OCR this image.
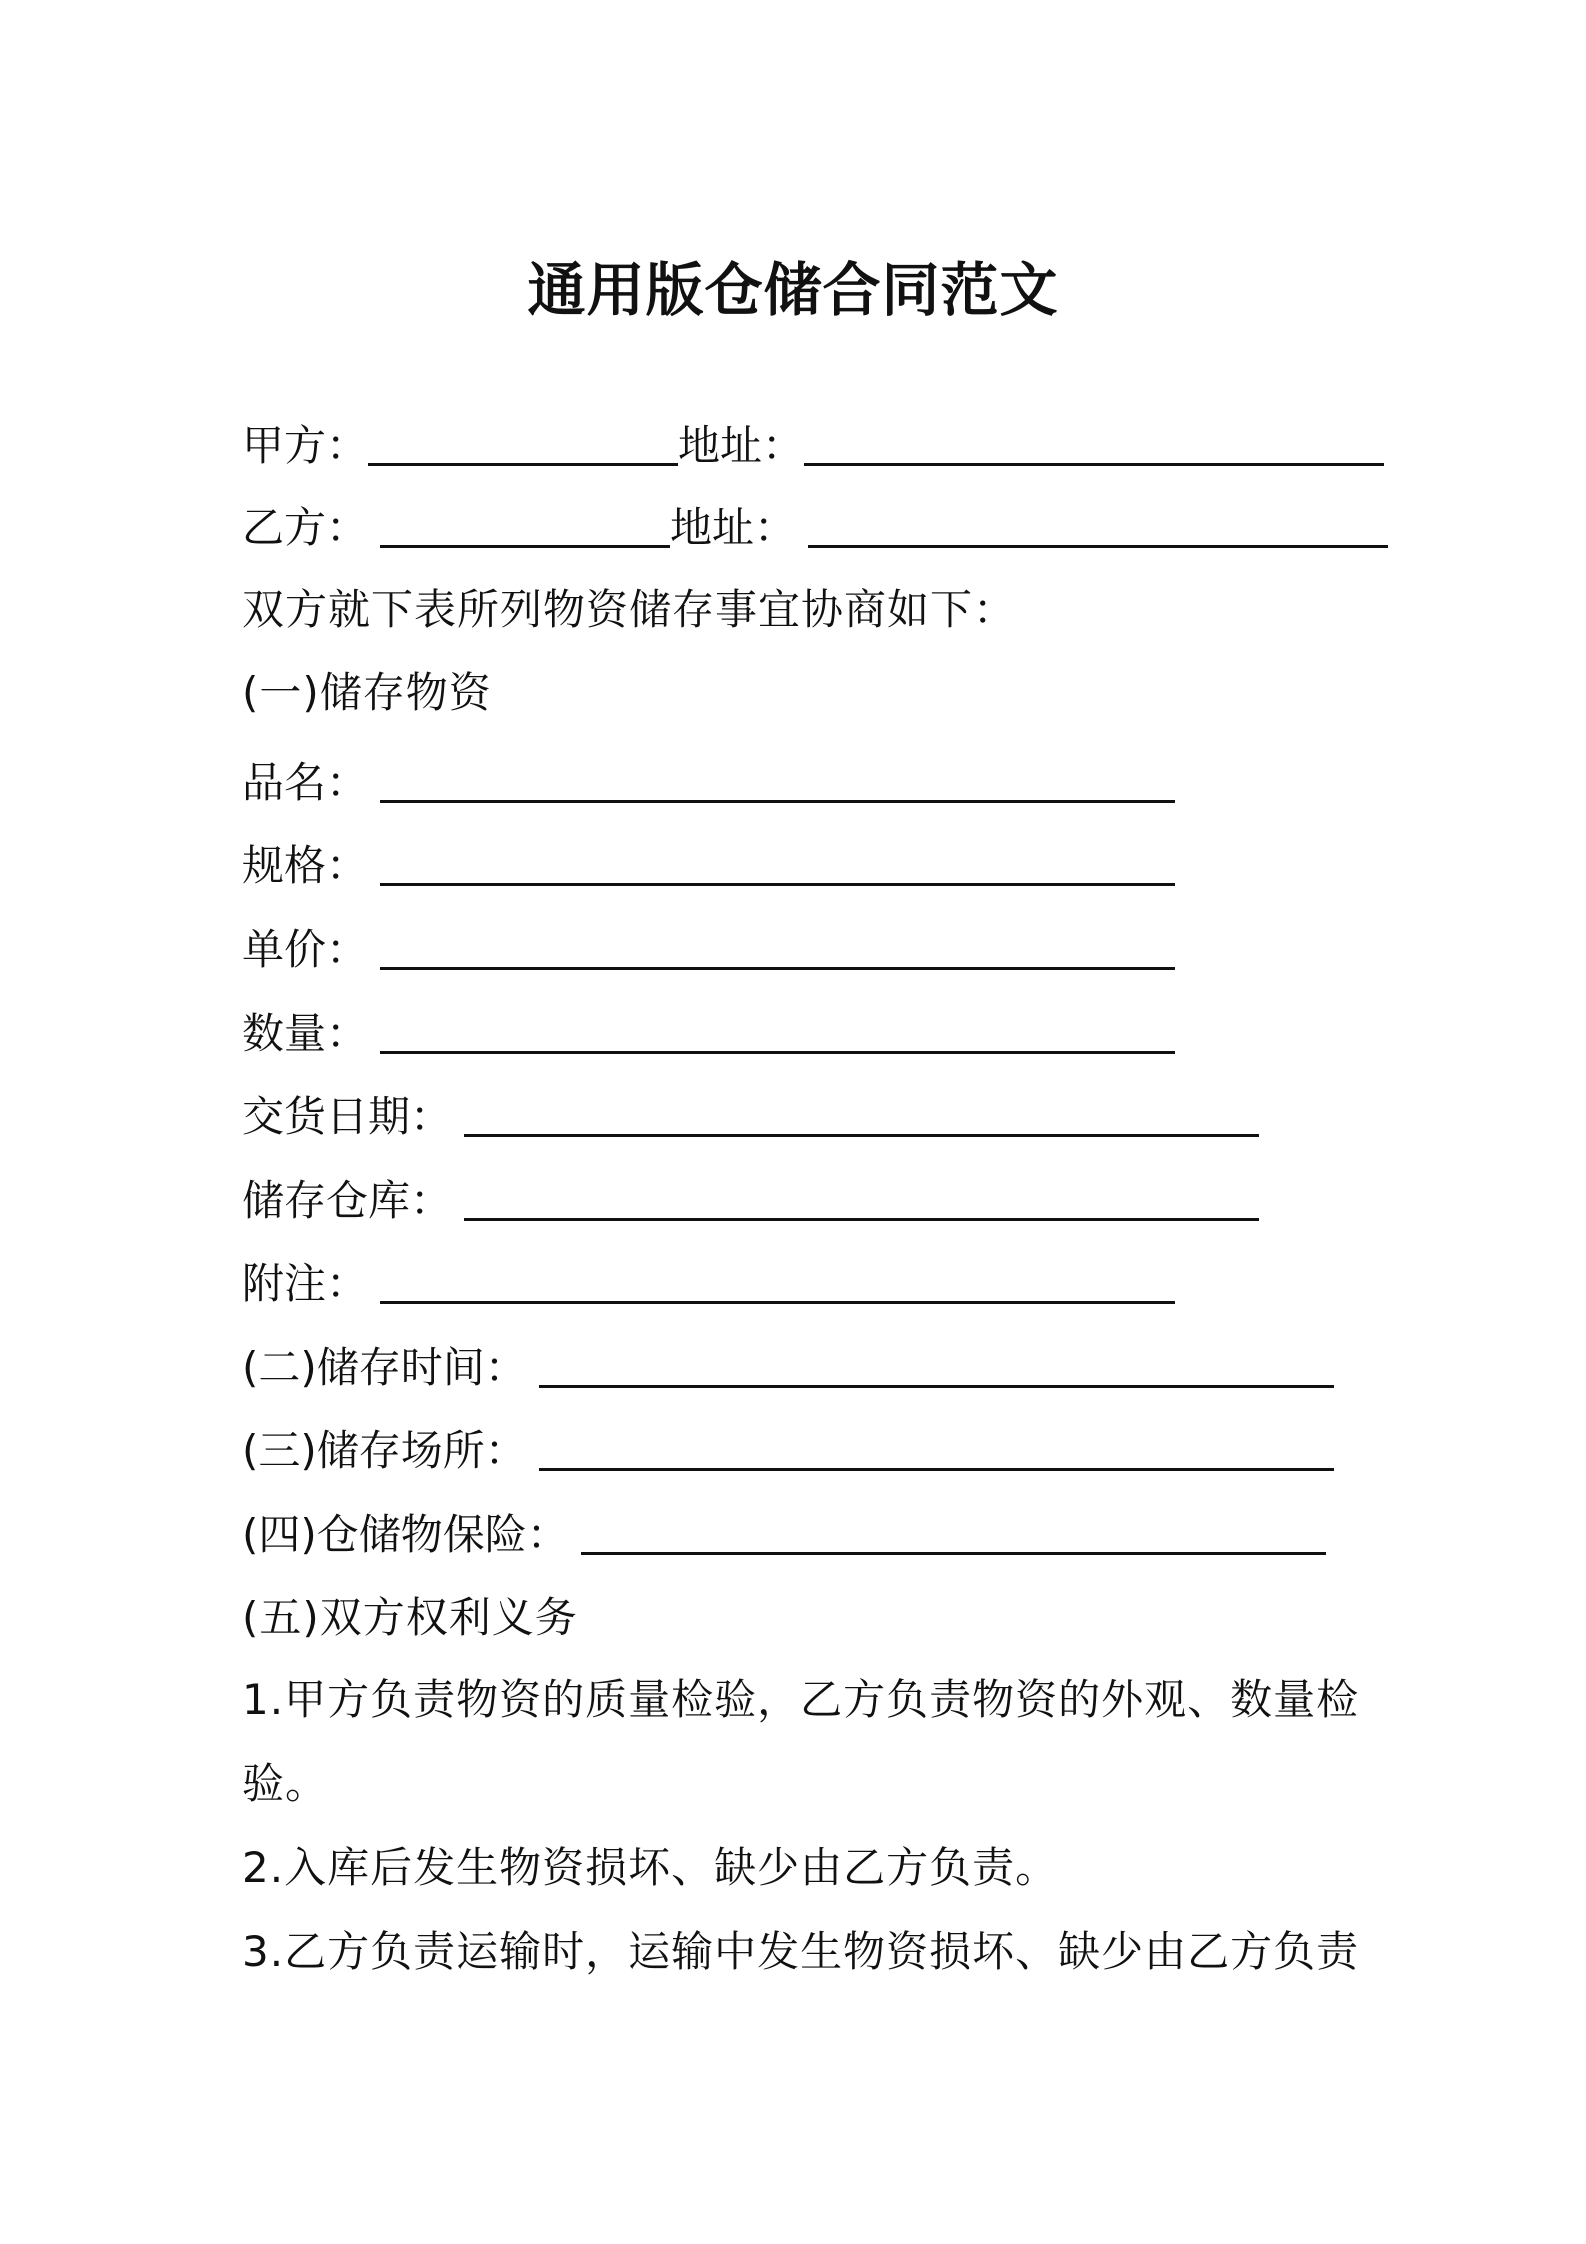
通用版仓储合同范文
甲方：	地址：
乙方：	地址：
双方就下表所列物资储存事宜协商如下：
(一)储存物资
品名：
规格：
单价：
数量：
交货日期：
储存仓库：
附注：
(二)储存时间：
(三)储存场所：
(四)仓储物保险：
(五)双方权利义务
1.甲方负责物资的质量检验，乙方负责物资的外观、数量检
验。
2.入库后发生物资损坏、缺少由乙方负责。
3.乙方负责运输时，运输中发生物资损坏、缺少由乙方负责
